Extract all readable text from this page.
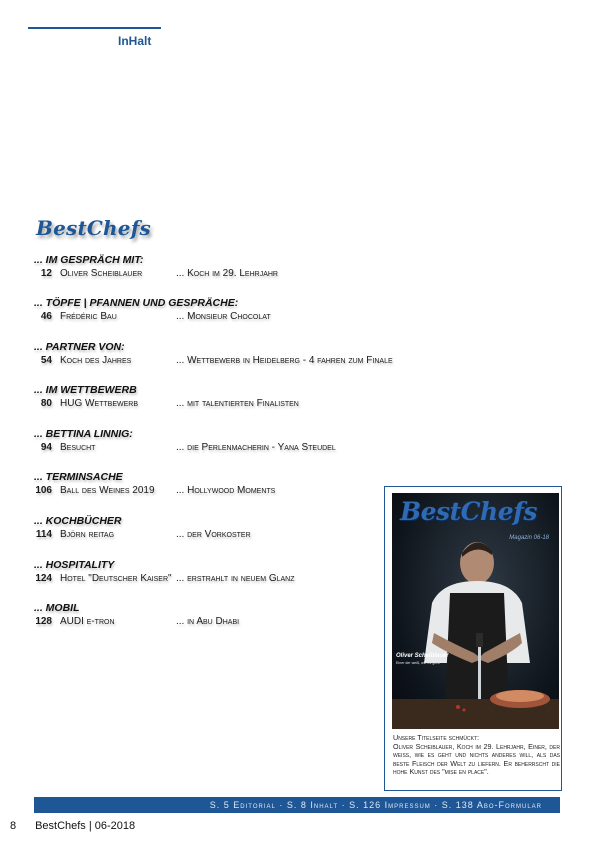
InHalt
BestChefs
... IM GESPRÄCH MIT:
12 Oliver Scheiblauer	... Koch im 29. Lehrjahr
... TÖPFE | PFANNEN UND GESPRÄCHE:
46 Frédéric Bau	... Monsieur Chocolat
... PARTNER VON:
54 Koch des Jahres	... Wettbewerb in Heidelberg - 4 fahren zum Finale
... IM WETTBEWERB
80 HUG Wettbewerb	... mit talentierten Finalisten
... BETTINA LINNIG:
94 Besucht	... die Perlenmacherin - Yana Steudel
... TERMINSACHE
106 Ball des Weines 2019 ... Hollywood Moments
... KOCHBÜCHER
114 Björn reitag	... der Vorkoster
... HOSPITALITY
124 Hotel "Deutscher Kaiser" ... erstrahlt in neuem Glanz
... MOBIL
128 AUDI e-tron	... in Abu Dhabi
BestChefs
Magazin 06-18
Oliver Scheiblauer
Einer der weiß, wie es geht!
Unsere Titelseite schmückt:
Oliver Scheiblauer, Koch im 29. Lehrjahr, Einer, der weiss, wie es geht und nichts anderes will, als das beste Fleisch der Welt zu liefern. Er beherrscht die hohe Kunst des "mise en place".
S. 5 Editorial · S. 8 Inhalt · S. 126 Impressum · S. 138 Abo-Formular
8 BestChefs | 06-2018
